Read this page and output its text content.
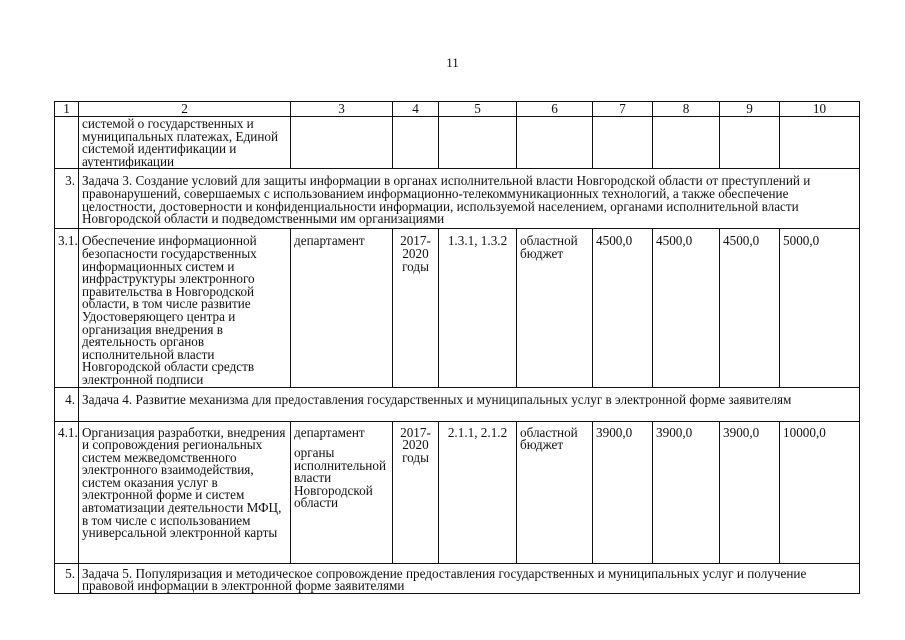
11
1	2	3	4	5	6	7	8	9	10
	системой о государственных и муниципальных платежах, Единой системой идентификации и аутентификации								
3.	Задача 3. Создание условий для защиты информации в органах исполнительной власти Новгородской области от преступлений и правонарушений, совершаемых с использованием информационно-телекоммуникационных технологий, а также обеспечение целостности, достоверности и конфиденциальности информации, используемой населением, органами исполнительной власти Новгородской области и подведомственными им организациями								
3.1.	Обеспечение информационной безопасности государственных информационных систем и инфраструктуры электронного правительства в Новгородской области, в том числе развитие Удостоверяющего центра и организация внедрения в деятельность органов исполнительной власти Новгородской области средств электронной подписи	департамент	2017-2020 годы	1.3.1, 1.3.2	областной бюджет	4500,0	4500,0	4500,0	5000,0
4.	Задача 4. Развитие механизма для предоставления государственных и муниципальных услуг в электронной форме заявителям								
4.1.	Организация разработки, внедрения и сопровождения региональных систем межведомственного электронного взаимодействия, систем оказания услуг в электронной форме и систем автоматизации деятельности МФЦ, в том числе с использованием универсальной электронной карты	департамент
органы исполнительной власти Новгородской области	2017-2020 годы	2.1.1, 2.1.2	областной бюджет	3900,0	3900,0	3900,0	10000,0
5.	Задача 5. Популяризация и методическое сопровождение предоставления государственных и муниципальных услуг и получение правовой информации в электронной форме заявителями								
